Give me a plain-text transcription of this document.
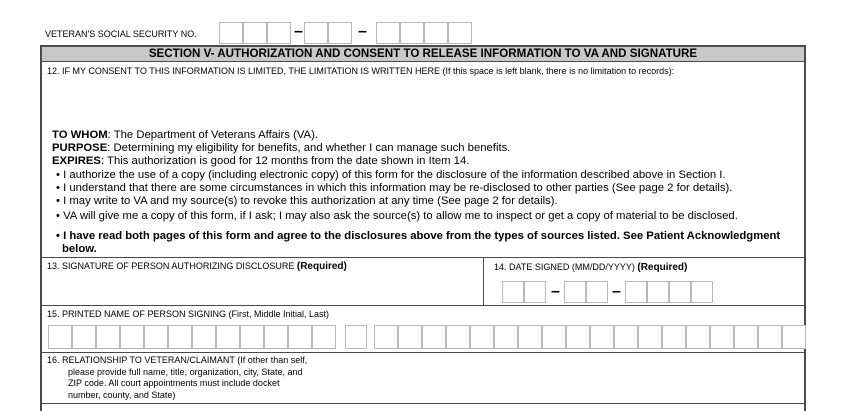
VETERAN'S SOCIAL SECURITY NO.	–	–
SECTION V- AUTHORIZATION AND CONSENT TO RELEASE INFORMATION TO VA AND SIGNATURE
12. IF MY CONSENT TO THIS INFORMATION IS LIMITED, THE LIMITATION IS WRITTEN HERE (If this space is left blank, there is no limitation to records):
TO WHOM: The Department of Veterans Affairs (VA).
PURPOSE: Determining my eligibility for benefits, and whether I can manage such benefits.
EXPIRES: This authorization is good for 12 months from the date shown in Item 14.
• I authorize the use of a copy (including electronic copy) of this form for the disclosure of the information described above in Section I.
• I understand that there are some circumstances in which this information may be re-disclosed to other parties (See page 2 for details).
• I may write to VA and my source(s) to revoke this authorization at any time (See page 2 for details).
• VA will give me a copy of this form, if I ask; I may also ask the source(s) to allow me to inspect or get a copy of material to be disclosed.
• I have read both pages of this form and agree to the disclosures above from the types of sources listed. See Patient Acknowledgment
below.
13. SIGNATURE OF PERSON AUTHORIZING DISCLOSURE (Required)	14. DATE SIGNED (MM/DD/YYYY) (Required)
–	–
15. PRINTED NAME OF PERSON SIGNING (First, Middle Initial, Last)
16. RELATIONSHIP TO VETERAN/CLAIMANT (If other than self,
please provide full name, title, organization, city, State, and
ZIP code. All court appointments must include docket
number, county, and State)
